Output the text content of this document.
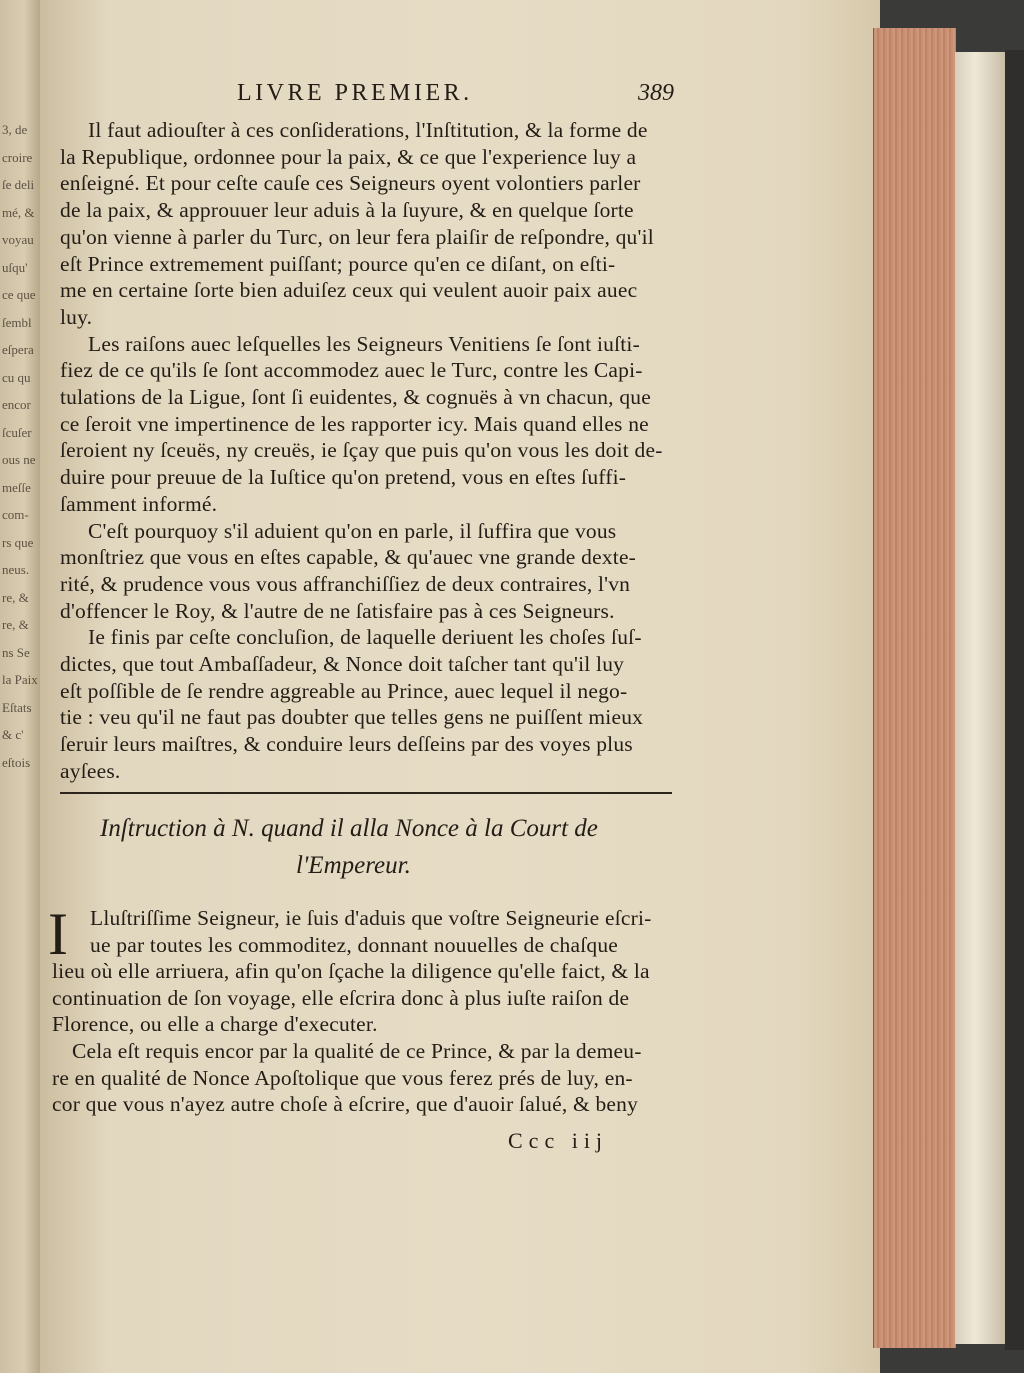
3, de
croire
ſe deli
mé, &
voyau
uſqu'
ce que
ſembl
eſpera
cu qu
encor
ſcuſer
ous ne
meſſe
com-
rs que
neus.
re, &
re, &
ns Se
la Paix
Eſtats
& c'
eſtois
LIVRE PREMIER.	389
Inſtruction à N. quand il alla Nonce à la Court de
l'Empereur.
I
Ccc iij
Il faut adiouſter à ces conſiderations, l'Inſtitution, & la forme de
la Republique, ordonnee pour la paix, & ce que l'experience luy a
enſeigné. Et pour ceſte cauſe ces Seigneurs oyent volontiers parler
de la paix, & approuuer leur aduis à la ſuyure, & en quelque ſorte
qu'on vienne à parler du Turc, on leur fera plaiſir de reſpondre, qu'il
eſt Prince extremement puiſſant; pource qu'en ce diſant, on eſti-
me en certaine ſorte bien aduiſez ceux qui veulent auoir paix auec
luy.
Les raiſons auec leſquelles les Seigneurs Venitiens ſe ſont iuſti-
fiez de ce qu'ils ſe ſont accommodez auec le Turc, contre les Capi-
tulations de la Ligue, ſont ſi euidentes, & cognuës à vn chacun, que
ce ſeroit vne impertinence de les rapporter icy. Mais quand elles ne
ſeroient ny ſceuës, ny creuës, ie ſçay que puis qu'on vous les doit de-
duire pour preuue de la Iuſtice qu'on pretend, vous en eſtes ſuffi-
ſamment informé.
C'eſt pourquoy s'il aduient qu'on en parle, il ſuffira que vous
monſtriez que vous en eſtes capable, & qu'auec vne grande dexte-
rité, & prudence vous vous affranchiſſiez de deux contraires, l'vn
d'offencer le Roy, & l'autre de ne ſatisfaire pas à ces Seigneurs.
Ie finis par ceſte concluſion, de laquelle deriuent les choſes ſuſ-
dictes, que tout Ambaſſadeur, & Nonce doit taſcher tant qu'il luy
eſt poſſible de ſe rendre aggreable au Prince, auec lequel il nego-
tie : veu qu'il ne faut pas doubter que telles gens ne puiſſent mieux
ſeruir leurs maiſtres, & conduire leurs deſſeins par des voyes plus
ayſees.
Lluſtriſſime Seigneur, ie ſuis d'aduis que voſtre Seigneurie eſcri-
ue par toutes les commoditez, donnant nouuelles de chaſque
lieu où elle arriuera, afin qu'on ſçache la diligence qu'elle faict, & la
continuation de ſon voyage, elle eſcrira donc à plus iuſte raiſon de
Florence, ou elle a charge d'executer.
Cela eſt requis encor par la qualité de ce Prince, & par la demeu-
re en qualité de Nonce Apoſtolique que vous ferez prés de luy, en-
cor que vous n'ayez autre choſe à eſcrire, que d'auoir ſalué, & beny
